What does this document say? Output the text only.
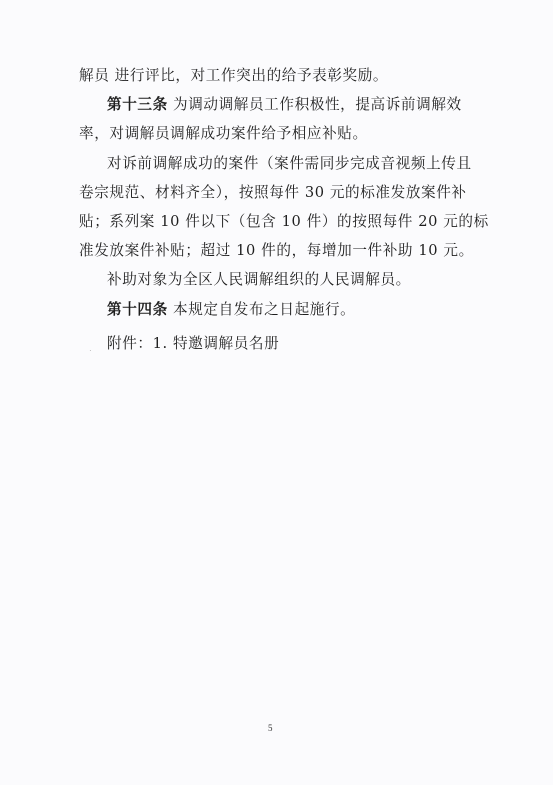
解员 进行评比，对工作突出的给予表彰奖励。
第十三条 为调动调解员工作积极性，提高诉前调解效
率，对调解员调解成功案件给予相应补贴。
对诉前调解成功的案件（案件需同步完成音视频上传且
卷宗规范、材料齐全），按照每件 30 元的标准发放案件补
贴；系列案 10 件以下（包含 10 件）的按照每件 20 元的标
准发放案件补贴；超过 10 件的，每增加一件补助 10 元。
补助对象为全区人民调解组织的人民调解员。
第十四条 本规定自发布之日起施行。
· 附件：1. 特邀调解员名册
5
